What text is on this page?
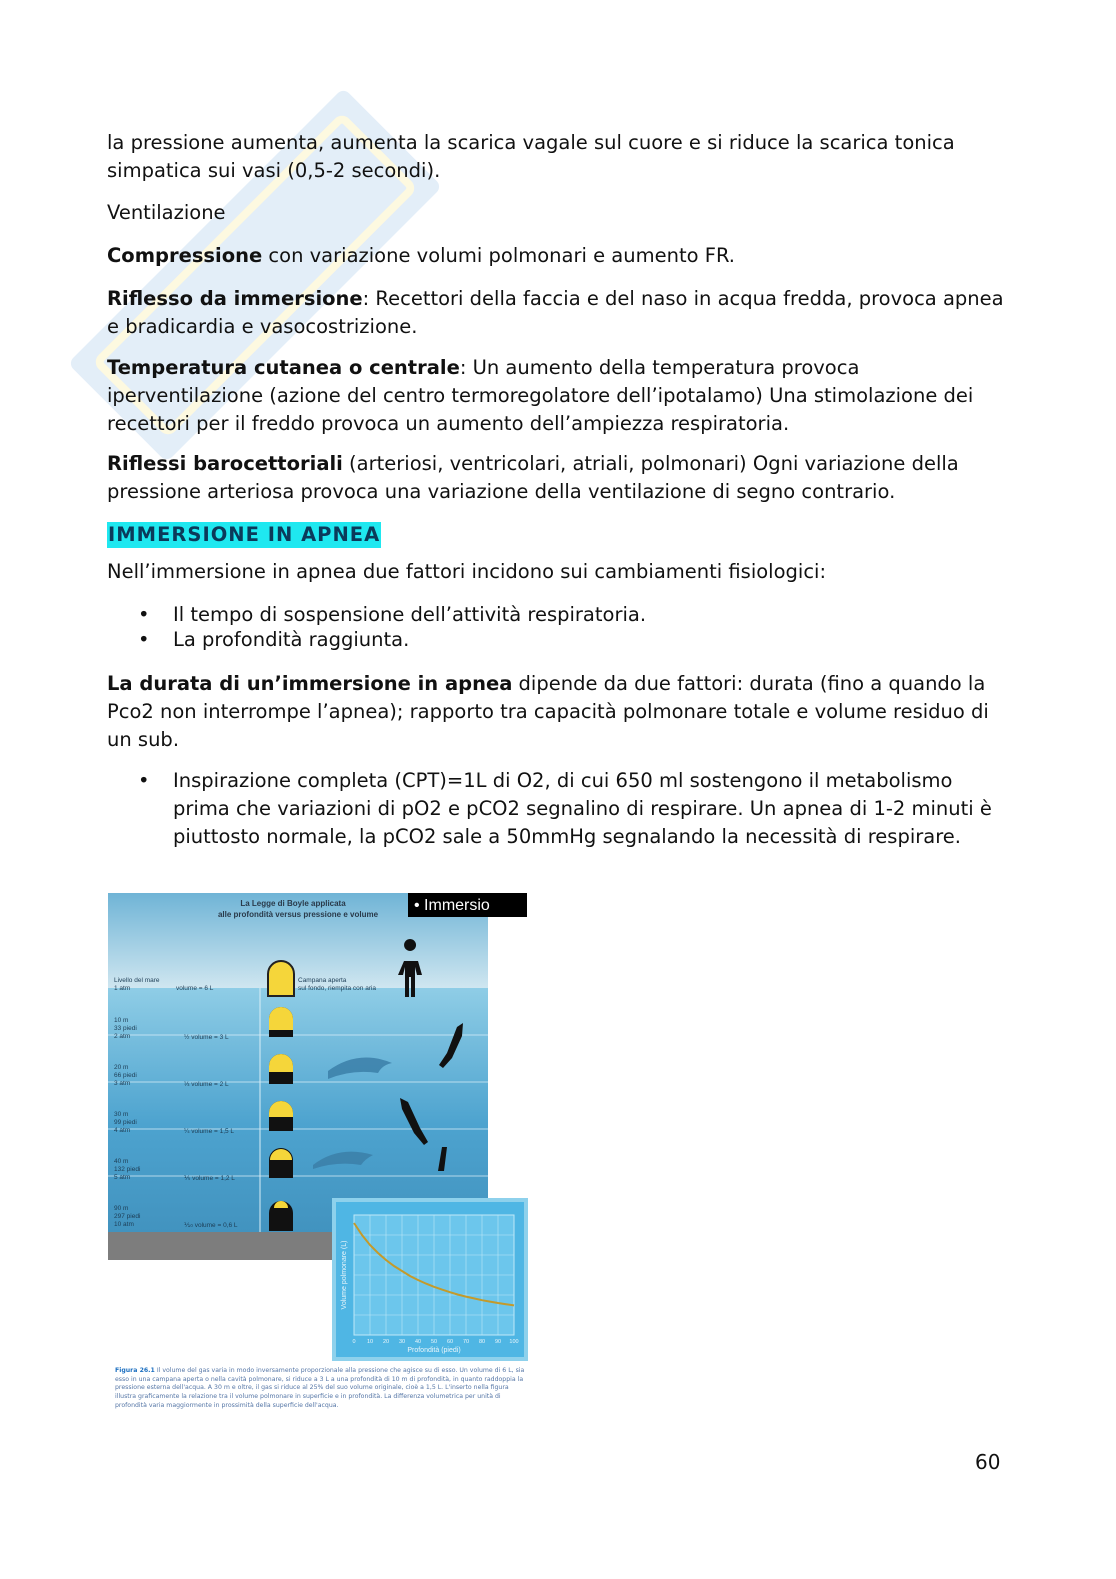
la pressione aumenta, aumenta la scarica vagale sul cuore e si riduce la scarica tonica simpatica sui vasi (0,5-2 secondi).

Ventilazione

Compressione con variazione volumi polmonari e aumento FR.

Riflesso da immersione: Recettori della faccia e del naso in acqua fredda, provoca apnea e bradicardia e vasocostrizione.

Temperatura cutanea o centrale: Un aumento della temperatura provoca iperventilazione (azione del centro termoregolatore dell’ipotalamo) Una stimolazione dei recettori per il freddo provoca un aumento dell’ampiezza respiratoria.

Riflessi barocettoriali (arteriosi, ventricolari, atriali, polmonari) Ogni variazione della pressione arteriosa provoca una variazione della ventilazione di segno contrario.

IMMERSIONE IN APNEA

Nell’immersione in apnea due fattori incidono sui cambiamenti fisiologici:

• Il tempo di sospensione dell’attività respiratoria.
• La profondità raggiunta.

La durata di un’immersione in apnea dipende da due fattori: durata (fino a quando la Pco2 non interrompe l’apnea); rapporto tra capacità polmonare totale e volume residuo di un sub.

• Inspirazione completa (CPT)=1L di O2, di cui 650 ml sostengono il metabolismo prima che variazioni di pO2 e pCO2 segnalino di respirare. Un apnea di 1-2 minuti è piuttosto normale, la pCO2 sale a 50mmHg segnalando la necessità di respirare.
La Legge di Boyle applicata
alle profondità versus pressione e volume
• Immersio
Livello del mare
1 atm	volume = 6 L
10 m
33 piedi
2 atm	½ volume = 3 L
20 m
66 piedi
3 atm	⅓ volume = 2 L
30 m
99 piedi
4 atm	¼ volume = 1,5 L
40 m
132 piedi
5 atm	⅕ volume = 1,2 L
90 m
297 piedi
10 atm	⅒ volume = 0,6 L
Campana aperta
sul fondo, riempita con aria
0 10 20 30 40 50 60 70 80 90 100
Profondità (piedi)
Volume polmonare (L)
Figura 26.1 Il volume del gas varia in modo inversamente proporzionale alla pressione che agisce su di esso. Un volume di 6 L, sia esso in una campana aperta o nella cavità polmonare, si riduce a 3 L a una profondità di 10 m di profondità, in quanto raddoppia la pressione esterna dell'acqua. A 30 m e oltre, il gas si riduce al 25% del suo volume originale, cioè a 1,5 L. L'inserto nella figura illustra graficamente la relazione tra il volume polmonare in superficie e in profondità. La differenza volumetrica per unità di profondità varia maggiormente in prossimità della superficie dell'acqua.
60
